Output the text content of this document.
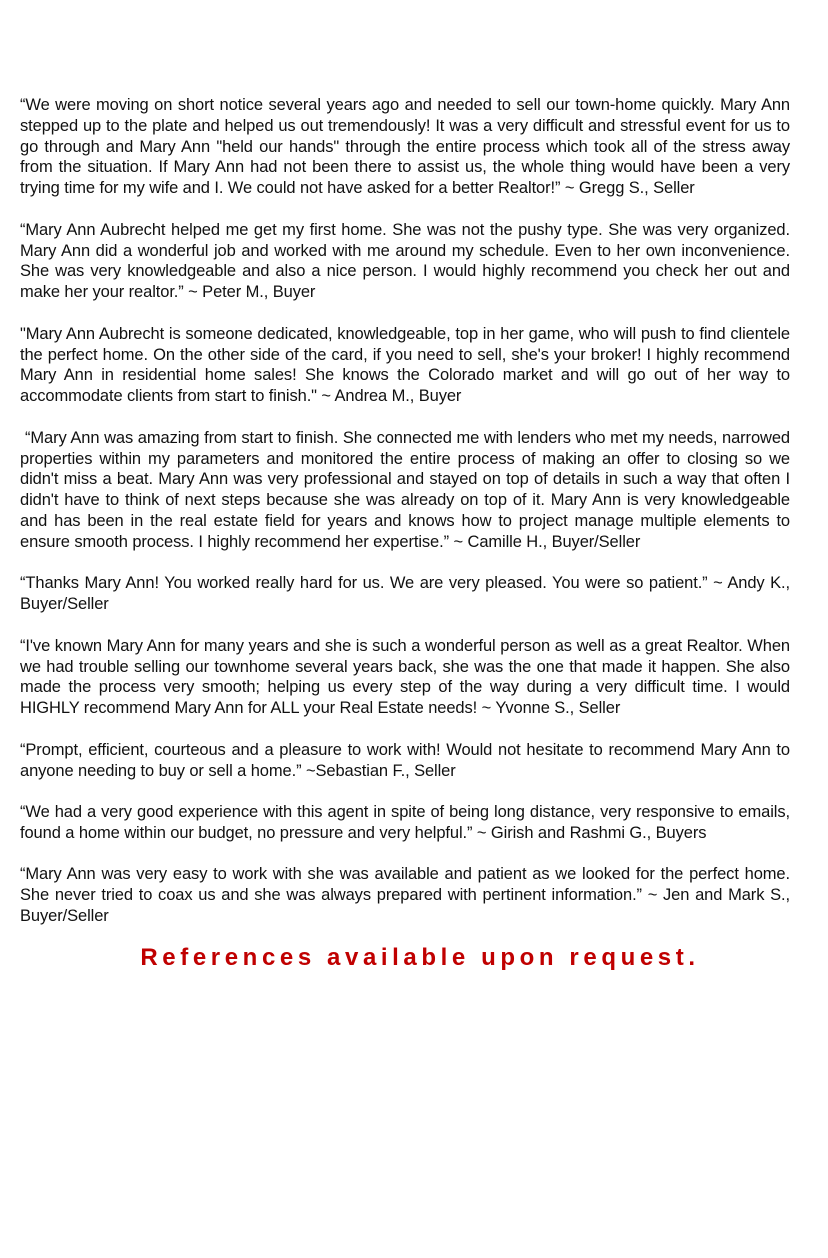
“We were moving on short notice several years ago and needed to sell our town-home quickly. Mary Ann stepped up to the plate and helped us out tremendously! It was a very difficult and stressful event for us to go through and Mary Ann "held our hands" through the entire process which took all of the stress away from the situation. If Mary Ann had not been there to assist us, the whole thing would have been a very trying time for my wife and I. We could not have asked for a better Realtor!” ~ Gregg S., Seller

“Mary Ann Aubrecht helped me get my first home. She was not the pushy type. She was very organized. Mary Ann did a wonderful job and worked with me around my schedule. Even to her own inconvenience. She was very knowledgeable and also a nice person. I would highly recommend you check her out and make her your realtor.” ~ Peter M., Buyer

"Mary Ann Aubrecht is someone dedicated, knowledgeable, top in her game, who will push to find clientele the perfect home. On the other side of the card, if you need to sell, she's your broker! I highly recommend Mary Ann in residential home sales! She knows the Colorado market and will go out of her way to accommodate clients from start to finish." ~ Andrea M., Buyer

“Mary Ann was amazing from start to finish. She connected me with lenders who met my needs, narrowed properties within my parameters and monitored the entire process of making an offer to closing so we didn't miss a beat. Mary Ann was very professional and stayed on top of details in such a way that often I didn't have to think of next steps because she was already on top of it. Mary Ann is very knowledgeable and has been in the real estate field for years and knows how to project manage multiple elements to ensure smooth process. I highly recommend her expertise.” ~ Camille H., Buyer/Seller

“Thanks Mary Ann! You worked really hard for us. We are very pleased. You were so patient.” ~ Andy K., Buyer/Seller

“I've known Mary Ann for many years and she is such a wonderful person as well as a great Realtor. When we had trouble selling our townhome several years back, she was the one that made it happen. She also made the process very smooth; helping us every step of the way during a very difficult time. I would HIGHLY recommend Mary Ann for ALL your Real Estate needs! ~ Yvonne S., Seller

“Prompt, efficient, courteous and a pleasure to work with! Would not hesitate to recommend Mary Ann to anyone needing to buy or sell a home.” ~Sebastian F., Seller

“We had a very good experience with this agent in spite of being long distance, very responsive to emails, found a home within our budget, no pressure and very helpful.” ~ Girish and Rashmi G., Buyers

“Mary Ann was very easy to work with she was available and patient as we looked for the perfect home. She never tried to coax us and she was always prepared with pertinent information.” ~ Jen and Mark S., Buyer/Seller

References available upon request.
